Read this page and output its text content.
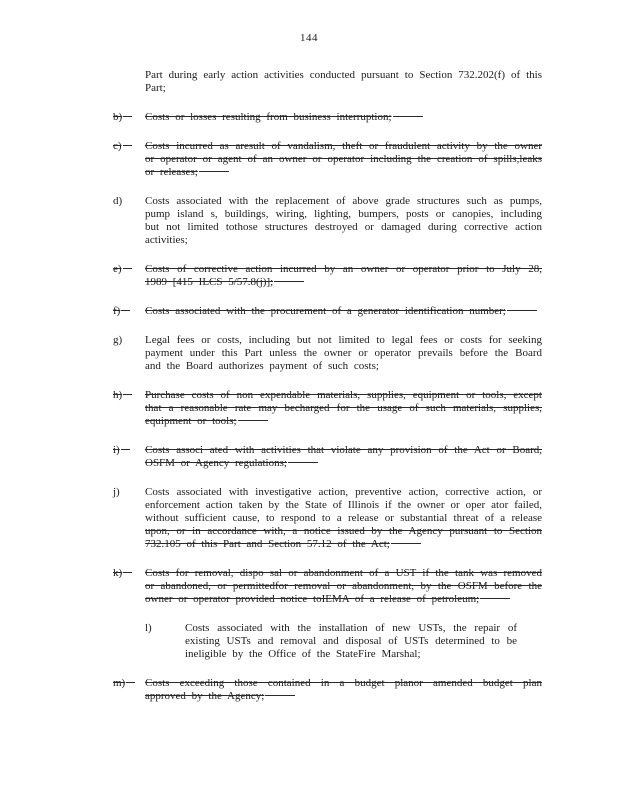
144

Part during early action activities conducted pursuant to Section 732.202(f) of this Part;

b)	Costs or losses resulting from business interruption;

c)	Costs incurred as aresult of vandalism, theft or fraudulent activity by the owner or operator or agent of an owner or operator including the creation of spills,leaks or releases;

d)	Costs associated with the replacement of above grade structures such as pumps, pump island s, buildings, wiring, lighting, bumpers, posts or canopies, including but not limited tothose structures destroyed or damaged during corrective action activities;

e)	Costs of corrective action incurred by an owner or operator prior to July 28, 1989 [415 ILCS 5/57.8(j)];

f)	Costs associated with the procurement of a generator identification number;

g)	Legal fees or costs, including but not limited to legal fees or costs for seeking payment under this Part unless the owner or operator prevails before the Board and the Board authorizes payment of such costs;

h)	Purchase costs of non expendable materials, supplies, equipment or tools, except that a reasonable rate may becharged for the usage of such materials, supplies, equipment or tools;

i)	Costs associ ated with activities that violate any provision of the Act or Board, OSFM or Agency regulations;

j)	Costs associated with investigative action, preventive action, corrective action, or enforcement action taken by the State of Illinois if the owner or oper ator failed, without sufficient cause, to respond to a release or substantial threat of a release upon, or in accordance with, a notice issued by the Agency pursuant to Section 732.105 of this Part and Section 57.12 of the Act;

k)	Costs for removal, dispo sal or abandonment of a UST if the tank was removed or abandoned, or permittedfor removal or abandonment, by the OSFM before the owner or operator provided notice toIEMA of a release of petroleum;

l)	Costs associated with the installation of new USTs, the repair of existing USTs and removal and disposal of USTs determined to be ineligible by the Office of the StateFire Marshal;

m)	Costs exceeding those contained in a budget planor amended budget plan approved by the Agency;
